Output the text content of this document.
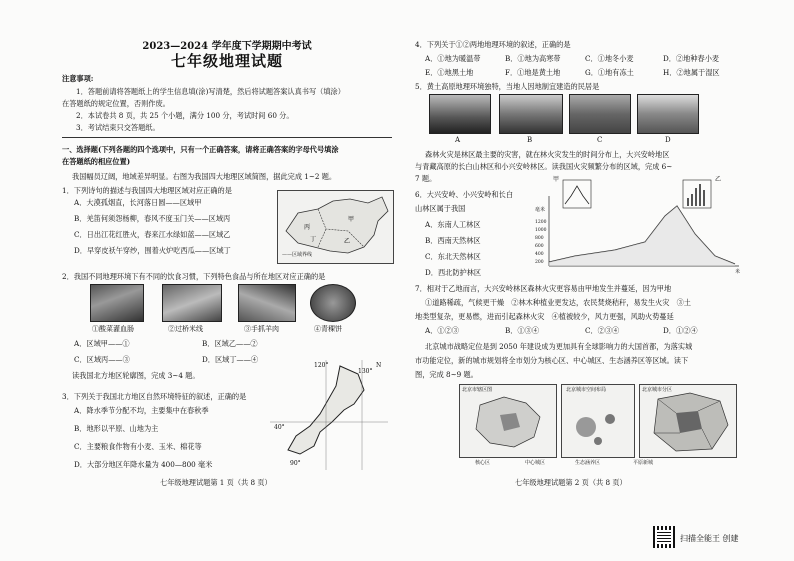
2023—2024 学年度下学期期中考试
七年级地理试题
注意事项:
1．答题前请将答题纸上的学生信息填(涂)写清楚，然后将试题答案认真书写（填涂）
在答题纸的规定位置，否则作废。
2．本试卷共 8 页，共 25 个小题，满分 100 分，考试时间 60 分。
3．考试结束只交答题纸。
一、选择题(下列各题的四个选项中，只有一个正确答案，请将正确答案的字母代号填涂
在答题纸的相应位置)
我国幅员辽阔，地域差异明显。右图为我国四大地理区域简图，据此完成 1~2 题。
1．下列诗句的描述与我国四大地理区域对应正确的是
A．大漠孤烟直，长河落日圆——区域甲
B．羌笛何须怨杨柳，春风不度玉门关——区域丙
C．日出江花红胜火，春来江水绿如蓝——区域乙
D．早穿皮袄午穿纱，围着火炉吃西瓜——区域丁
丙
甲
乙
丁
——区域界线
2．我国不同地理环境下有不同的饮食习惯，下列特色食品与所在地区对应正确的是
①酸菜灌血肠	②过桥米线	③手抓羊肉	④青稞饼
A．区域甲——①	B．区域乙——②
C．区域丙——③	D．区域丁——④
读我国北方地区轮廓图，完成 3~4 题。
120°
130°
40°
90°
N
3．下列关于我国北方地区自然环境特征的叙述，正确的是
A．降水季节分配不均，主要集中在春秋季
B．地形以平原、山地为主
C．主要粮食作物有小麦、玉米、棉花等
D．大部分地区年降水量为 400—800 毫米
七年级地理试题第 1 页（共 8 页）
4．下列关于①②两地地理环境的叙述，正确的是
A．①地为暖温带	B．①地为高寒带	C．①地冬小麦	D．②地种春小麦
E．①地黑土地	F．①地是黄土地	G．①地有冻土	H．②地属于湿区
5．黄土高原地理环境独特，当地人因地制宜建造的民居是
A	B	C	D
森林火灾是林区最主要的灾害，就在林火灾发生的时间分布上，大兴安岭地区
与青藏高原的长白山林区和小兴安岭林区。读我国火灾频繁分布的区域，完成 6~
7 题。
6．大兴安岭、小兴安岭和长白
山林区属于我国
A．东南人工林区
B．西南天然林区
C．东北天然林区
D．西北防护林区
甲	乙
毫米
米
1200
1000
800
600
400
200
7．相对于乙地而言，大兴安岭林区森林火灾更容易由甲地发生并蔓延，因为甲地
①道路稀疏，气候更干燥　②林木种植业更发达，农民焚烧秸秆，易发生火灾　③土
地类型复杂，更易燃，进而引起森林火灾　④植被较少，风力更强，风助火势蔓延
A．①②③	B．①③④	C．②③④	D．①②④
北京城市战略定位是到 2050 年建设成为更加具有全球影响力的大国首都，为落实城
市功能定位，新的城市规划将全市划分为核心区、中心城区、生态涵养区等区域。读下
图，完成 8~9 题。
北京市辖区图	北京城市空间布局	北京城市分区
核心区	中心城区	生态涵养区	平原新城
七年级地理试题第 2 页（共 8 页）
扫描全能王 创建
